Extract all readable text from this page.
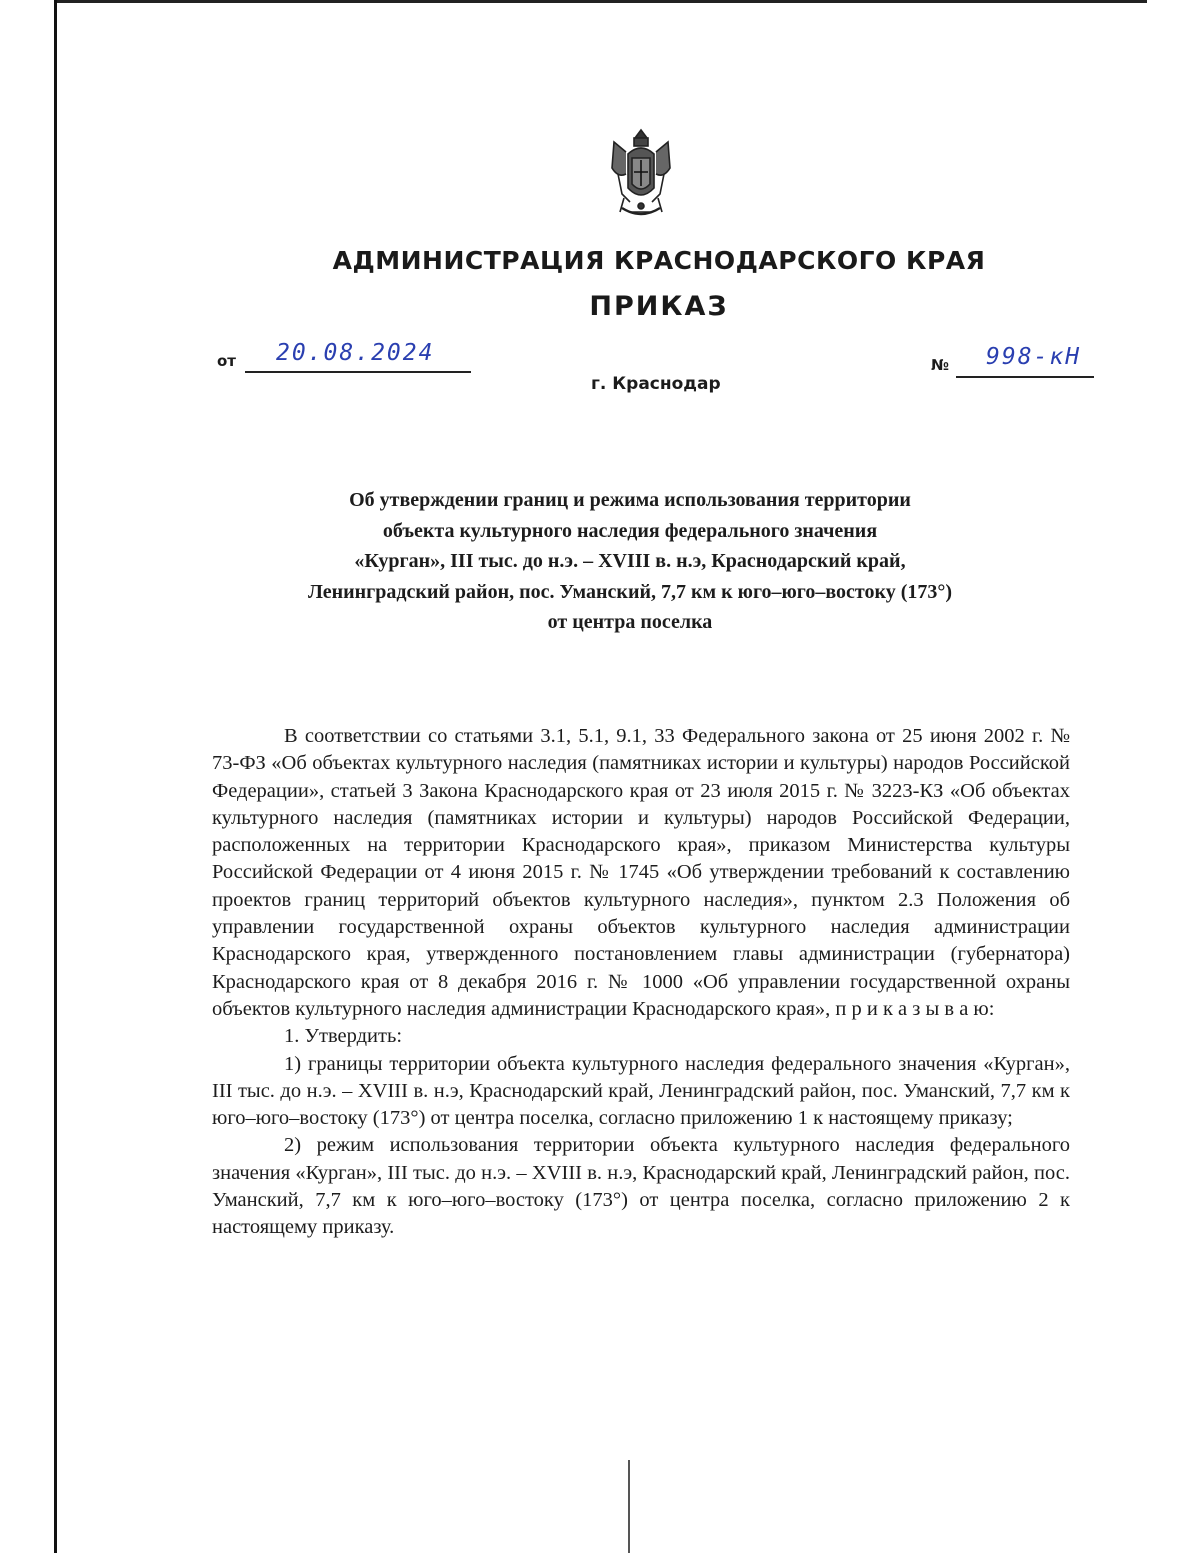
АДМИНИСТРАЦИЯ КРАСНОДАРСКОГО КРАЯ
ПРИКАЗ
от 20.08.2024
г. Краснодар
№ 998-кН
Об утверждении границ и режима использования территории
объекта культурного наследия федерального значения
«Курган», III тыс. до н.э. – XVIII в. н.э, Краснодарский край,
Ленинградский район, пос. Уманский, 7,7 км к юго–юго–востоку (173°)
от центра поселка

В соответствии со статьями 3.1, 5.1, 9.1, 33 Федерального закона от 25 июня 2002 г. № 73-ФЗ «Об объектах культурного наследия (памятниках истории и культуры) народов Российской Федерации», статьей 3 Закона Краснодарского края от 23 июля 2015 г. № 3223-КЗ «Об объектах культурного наследия (памятниках истории и культуры) народов Российской Федерации, расположенных на территории Краснодарского края», приказом Министерства культуры Российской Федерации от 4 июня 2015 г. № 1745 «Об утверждении требований к составлению проектов границ территорий объектов культурного наследия», пунктом 2.3 Положения об управлении государственной охраны объектов культурного наследия администрации Краснодарского края, утвержденного постановлением главы администрации (губернатора) Краснодарского края от 8 декабря 2016 г. № 1000 «Об управлении государственной охраны объектов культурного наследия администрации Краснодарского края», п р и к а з ы в а ю:

1. Утвердить:

1) границы территории объекта культурного наследия федерального значения «Курган», III тыс. до н.э. – XVIII в. н.э, Краснодарский край, Ленинградский район, пос. Уманский, 7,7 км к юго–юго–востоку (173°) от центра поселка, согласно приложению 1 к настоящему приказу;

2) режим использования территории объекта культурного наследия федерального значения «Курган», III тыс. до н.э. – XVIII в. н.э, Краснодарский край, Ленинградский район, пос. Уманский, 7,7 км к юго–юго–востоку (173°) от центра поселка, согласно приложению 2 к настоящему приказу.
